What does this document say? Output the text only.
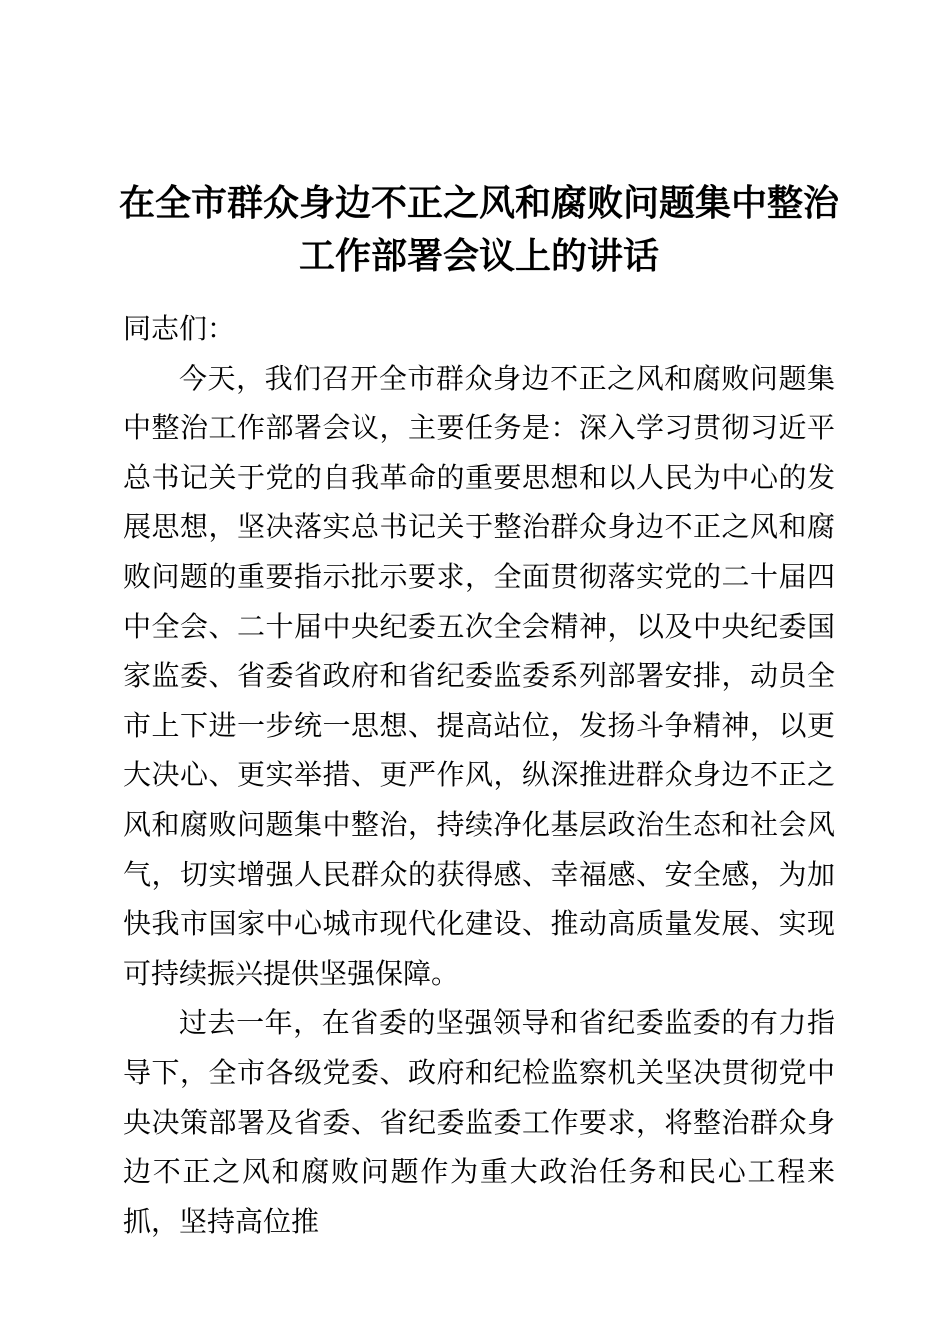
在全市群众身边不正之风和腐败问题集中整治工作部署会议上的讲话

同志们：

今天，我们召开全市群众身边不正之风和腐败问题集中整治工作部署会议，主要任务是：深入学习贯彻习近平总书记关于党的自我革命的重要思想和以人民为中心的发展思想，坚决落实总书记关于整治群众身边不正之风和腐败问题的重要指示批示要求，全面贯彻落实党的二十届四中全会、二十届中央纪委五次全会精神，以及中央纪委国家监委、省委省政府和省纪委监委系列部署安排，动员全市上下进一步统一思想、提高站位，发扬斗争精神，以更大决心、更实举措、更严作风，纵深推进群众身边不正之风和腐败问题集中整治，持续净化基层政治生态和社会风气，切实增强人民群众的获得感、幸福感、安全感，为加快我市国家中心城市现代化建设、推动高质量发展、实现可持续振兴提供坚强保障。

过去一年，在省委的坚强领导和省纪委监委的有力指导下，全市各级党委、政府和纪检监察机关坚决贯彻党中央决策部署及省委、省纪委监委工作要求，将整治群众身边不正之风和腐败问题作为重大政治任务和民心工程来抓，坚持高位推
